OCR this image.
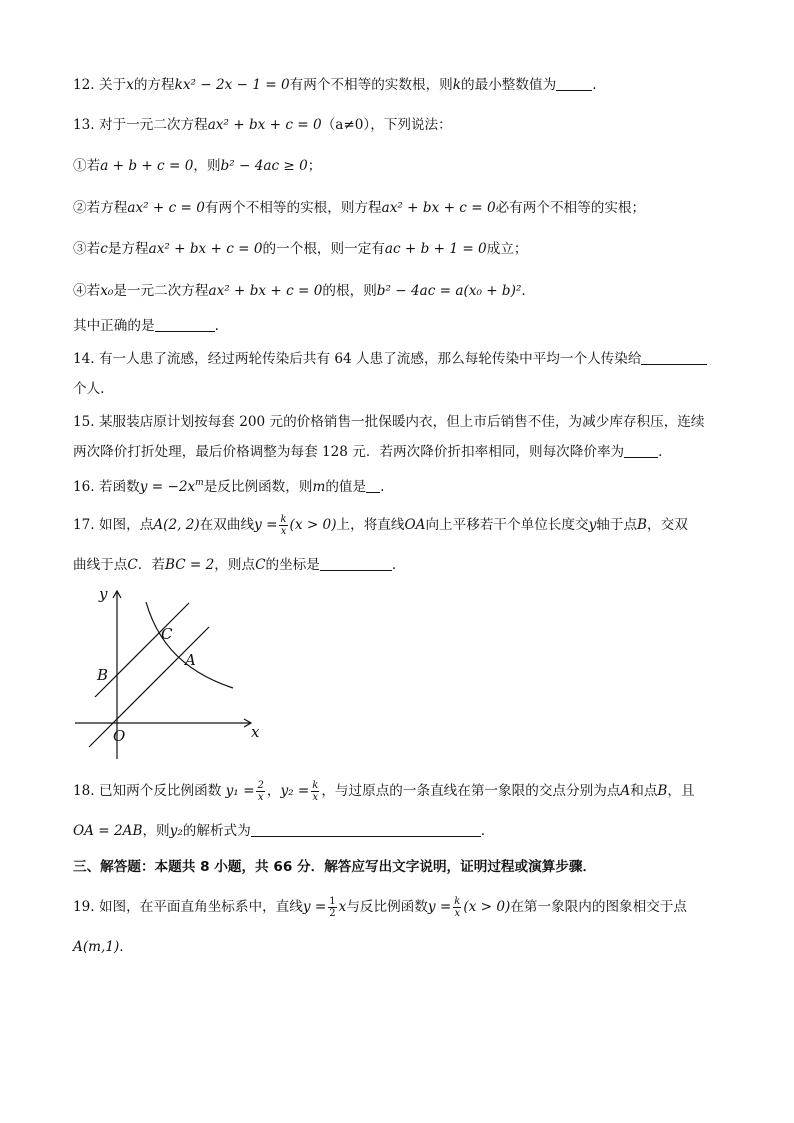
12. 关于x的方程kx² − 2x − 1 = 0有两个不相等的实数根，则k的最小整数值为	.
13. 对于一元二次方程ax² + bx + c = 0（a≠0），下列说法：
①若a + b + c = 0，则b² − 4ac ≥ 0；
②若方程ax² + c = 0有两个不相等的实根，则方程ax² + bx + c = 0必有两个不相等的实根；
③若c是方程ax² + bx + c = 0的一个根，则一定有ac + b + 1 = 0成立；
④若x₀是一元二次方程ax² + bx + c = 0的根，则b² − 4ac = a(x₀ + b)².
其中正确的是	.
14. 有一人患了流感，经过两轮传染后共有 64 人患了流感，那么每轮传染中平均一个人传染给
个人.
15. 某服装店原计划按每套 200 元的价格销售一批保暖内衣，但上市后销售不佳，为减少库存积压，连续
两次降价打折处理，最后价格调整为每套 128 元．若两次降价折扣率相同，则每次降价率为	.
16. 若函数$y = -2x^m$是反比例函数，则m的值是 .
17. 如图，点A(2, 2)在双曲线$y = \frac{k}{x} (x > 0)$上，将直线OA向上平移若干个单位长度交y轴于点B，交双
曲线于点C．若BC = 2，则点C的坐标是	.
y
x
O
A
B
C
18. 已知两个反比例函数 $y_1 = \frac{2}{x}$ ，$y_2 = \frac{k}{x}$ ，与过原点的一条直线在第一象限的交点分别为点A和点B，且
OA = 2AB，则y₂的解析式为	.
三、解答题：本题共 8 小题，共 66 分．解答应写出文字说明，证明过程或演算步骤．
19. 如图，在平面直角坐标系中，直线$y = \frac{1}{2}$ x与反比例函数$y = \frac{k}{x} (x > 0)$在第一象限内的图象相交于点
A(m,1).
